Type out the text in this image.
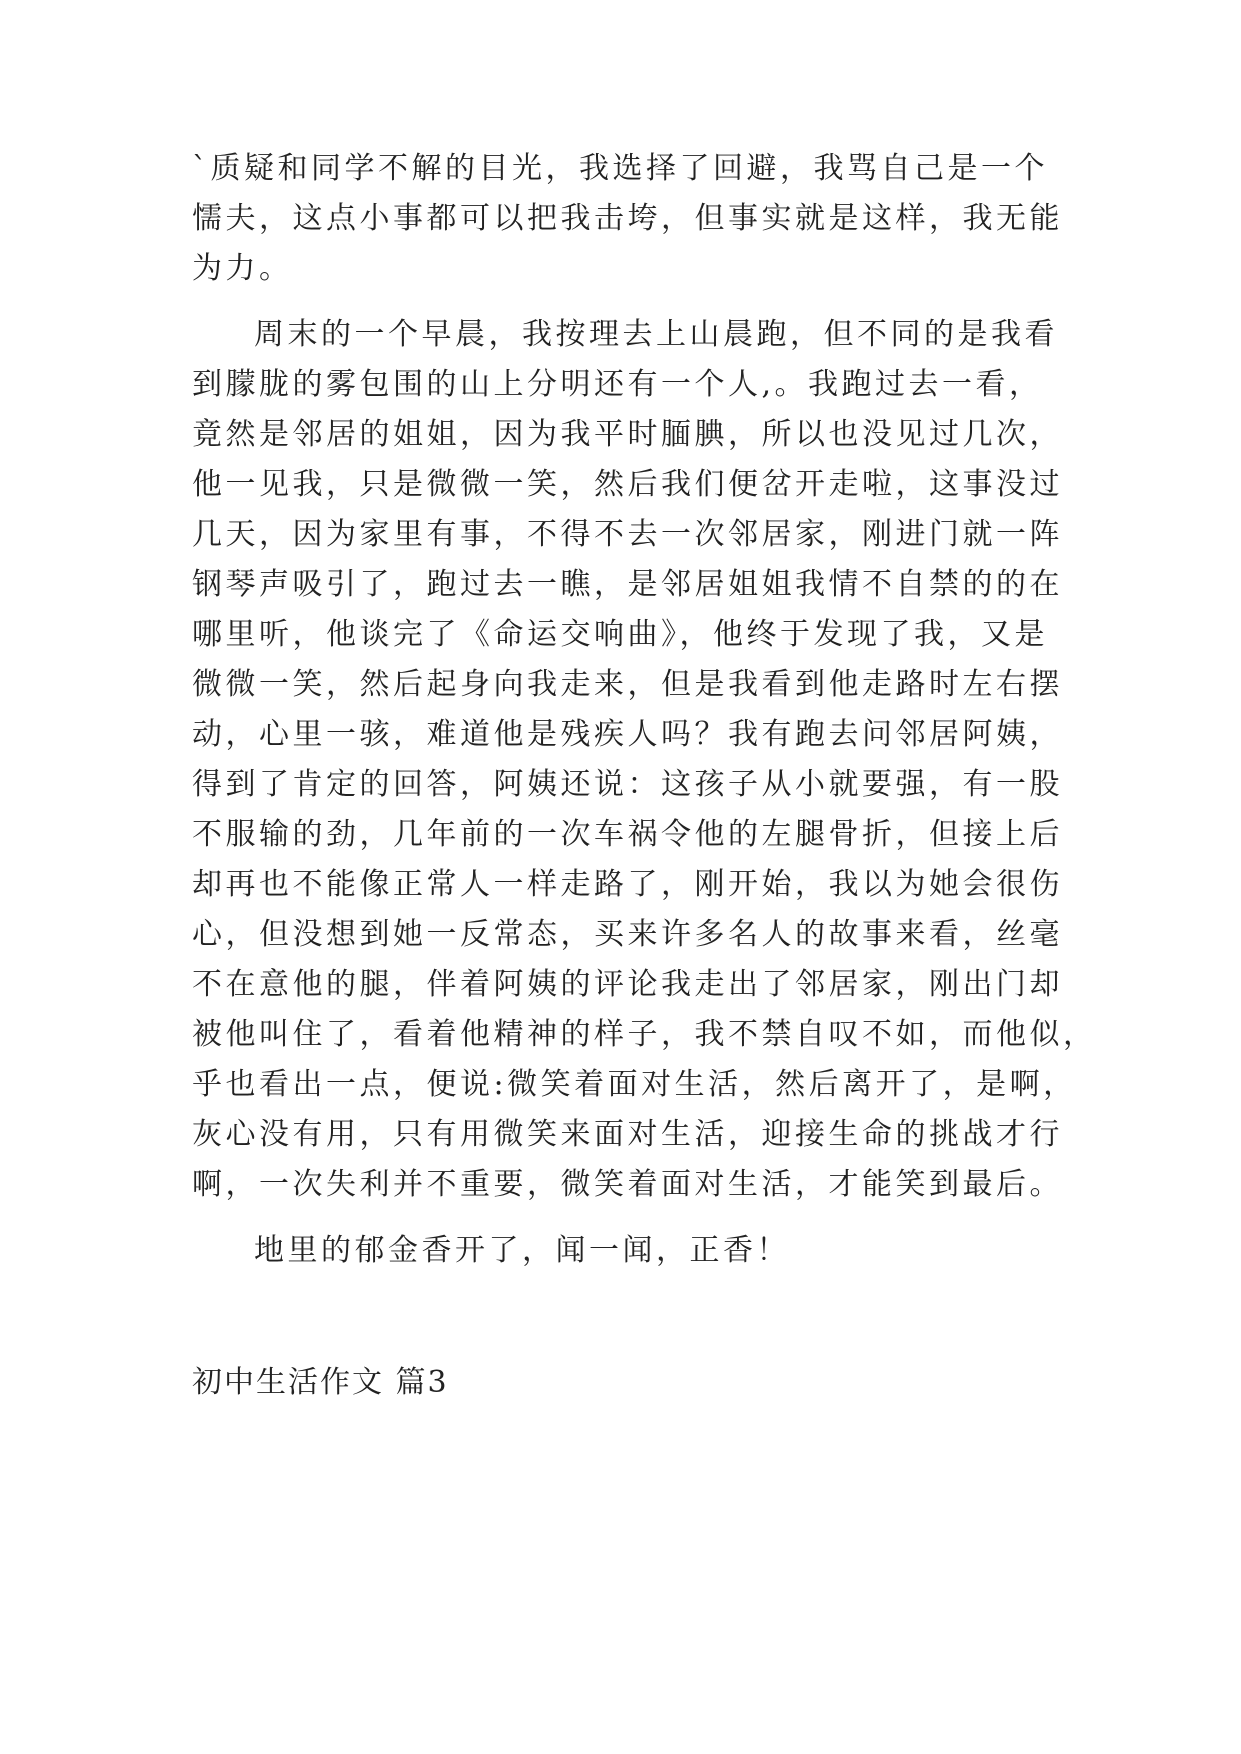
`质疑和同学不解的目光，我选择了回避，我骂自己是一个
懦夫，这点小事都可以把我击垮，但事实就是这样，我无能
为力。
周末的一个早晨，我按理去上山晨跑，但不同的是我看
到朦胧的雾包围的山上分明还有一个人,。我跑过去一看，
竟然是邻居的姐姐，因为我平时腼腆，所以也没见过几次，
他一见我，只是微微一笑，然后我们便岔开走啦，这事没过
几天，因为家里有事，不得不去一次邻居家，刚进门就一阵
钢琴声吸引了，跑过去一瞧，是邻居姐姐我情不自禁的的在
哪里听，他谈完了《命运交响曲》，他终于发现了我，又是
微微一笑，然后起身向我走来，但是我看到他走路时左右摆
动，心里一骇，难道他是残疾人吗？我有跑去问邻居阿姨，
得到了肯定的回答，阿姨还说：这孩子从小就要强，有一股
不服输的劲，几年前的一次车祸令他的左腿骨折，但接上后
却再也不能像正常人一样走路了，刚开始，我以为她会很伤
心，但没想到她一反常态，买来许多名人的故事来看，丝毫
不在意他的腿，伴着阿姨的评论我走出了邻居家，刚出门却
被他叫住了，看着他精神的样子，我不禁自叹不如，而他似，
乎也看出一点，便说:微笑着面对生活，然后离开了，是啊，
灰心没有用，只有用微笑来面对生活，迎接生命的挑战才行
啊，一次失利并不重要，微笑着面对生活，才能笑到最后。
地里的郁金香开了，闻一闻，正香！
初中生活作文 篇3
